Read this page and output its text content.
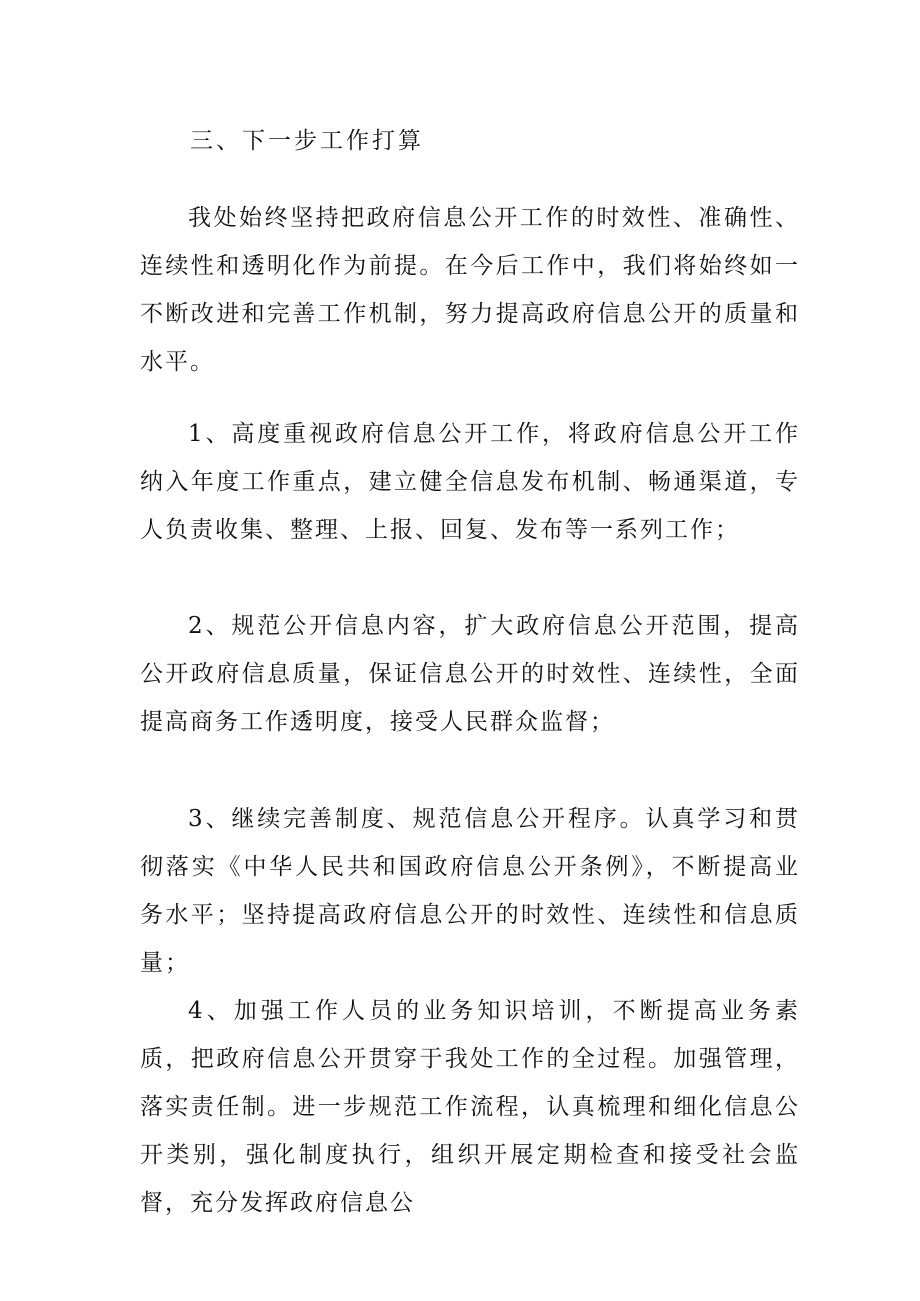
三、下一步工作打算

我处始终坚持把政府信息公开工作的时效性、准确性、连续性和透明化作为前提。在今后工作中，我们将始终如一不断改进和完善工作机制，努力提高政府信息公开的质量和水平。

1、高度重视政府信息公开工作，将政府信息公开工作纳入年度工作重点，建立健全信息发布机制、畅通渠道，专人负责收集、整理、上报、回复、发布等一系列工作；

2、规范公开信息内容，扩大政府信息公开范围，提高公开政府信息质量，保证信息公开的时效性、连续性，全面提高商务工作透明度，接受人民群众监督；

3、继续完善制度、规范信息公开程序。认真学习和贯彻落实《中华人民共和国政府信息公开条例》，不断提高业务水平；坚持提高政府信息公开的时效性、连续性和信息质量；

4、加强工作人员的业务知识培训，不断提高业务素质，把政府信息公开贯穿于我处工作的全过程。加强管理，落实责任制。进一步规范工作流程，认真梳理和细化信息公开类别，强化制度执行，组织开展定期检查和接受社会监督，充分发挥政府信息公
